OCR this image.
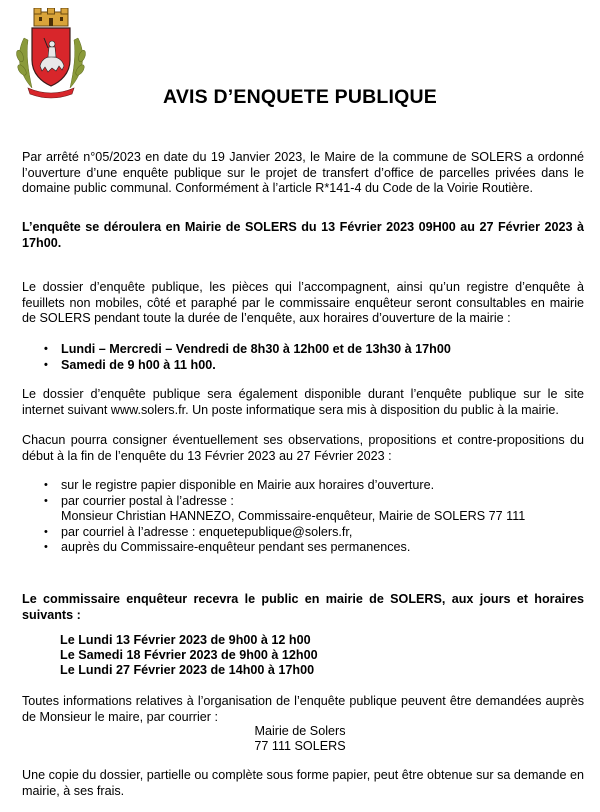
AVIS D’ENQUETE PUBLIQUE
Par arrêté n°05/2023 en date du 19 Janvier 2023, le Maire de la commune de SOLERS a ordonné l’ouverture d’une enquête publique sur le projet de transfert d’office de parcelles privées dans le domaine public communal. Conformément à l’article R*141-4 du Code de la Voirie Routière.
L’enquête se déroulera en Mairie de SOLERS du 13 Février 2023 09H00 au 27 Février 2023 à 17h00.
Le dossier d’enquête publique, les pièces qui l’accompagnent, ainsi qu’un registre d’enquête à feuillets non mobiles, côté et paraphé par le commissaire enquêteur seront consultables en mairie de SOLERS pendant toute la durée de l’enquête, aux horaires d’ouverture de la mairie :
• Lundi – Mercredi – Vendredi de 8h30 à 12h00 et de 13h30 à 17h00
• Samedi de 9 h00 à 11 h00.
Le dossier d’enquête publique sera également disponible durant l’enquête publique sur le site internet suivant www.solers.fr. Un poste informatique sera mis à disposition du public à la mairie.
Chacun pourra consigner éventuellement ses observations, propositions et contre-propositions du début à la fin de l’enquête du 13 Février 2023 au 27 Février 2023 :
• sur le registre papier disponible en Mairie aux horaires d’ouverture.
• par courrier postal à l’adresse :
Monsieur Christian HANNEZO, Commissaire-enquêteur, Mairie de SOLERS 77 111
• par courriel à l’adresse : enquetepublique@solers.fr,
• auprès du Commissaire-enquêteur pendant ses permanences.
Le commissaire enquêteur recevra le public en mairie de SOLERS, aux jours et horaires suivants :
Le Lundi 13 Février 2023 de 9h00 à 12 h00
Le Samedi 18 Février 2023 de 9h00 à 12h00
Le Lundi 27 Février 2023 de 14h00 à 17h00
Toutes informations relatives à l’organisation de l’enquête publique peuvent être demandées auprès de Monsieur le maire, par courrier :
Mairie de Solers
77 111 SOLERS
Une copie du dossier, partielle ou complète sous forme papier, peut être obtenue sur sa demande en mairie, à ses frais.
